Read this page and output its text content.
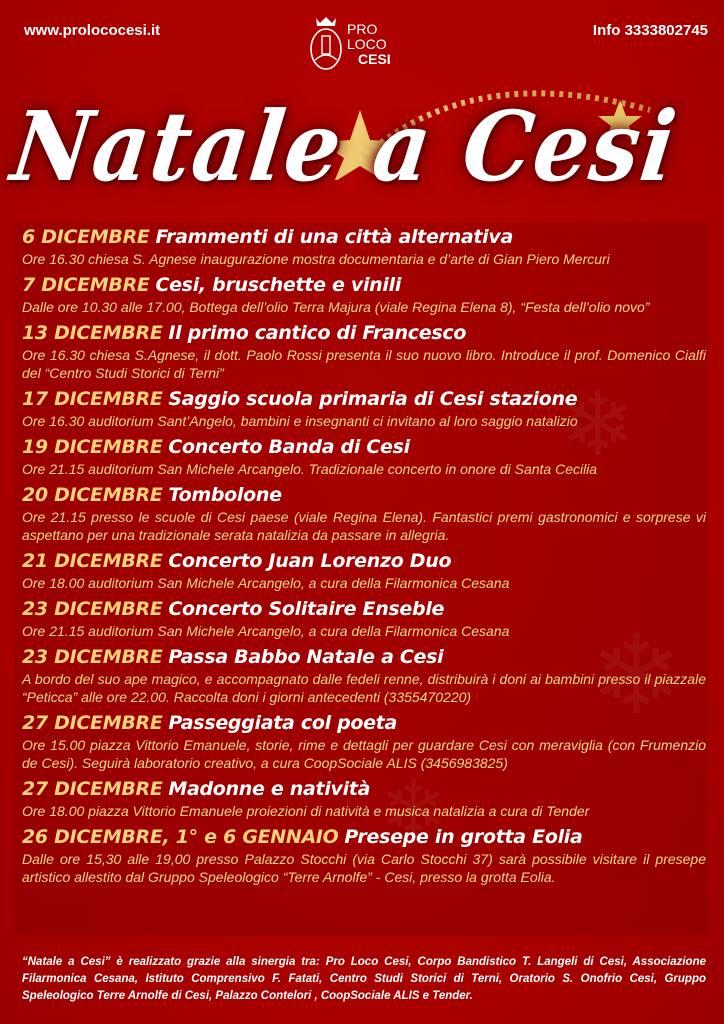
❄
❄
❄
www.prolococesi.it	Info 3333802745
PRO
LOCO
CESI
Natale a Cesi
6 DICEMBRE Frammenti di una città alternativa
Ore 16.30 chiesa S. Agnese inaugurazione mostra documentaria e d’arte di Gian Piero Mercuri
7 DICEMBRE Cesi, bruschette e vinili
Dalle ore 10.30 alle 17.00, Bottega dell’olio Terra Majura (viale Regina Elena 8), “Festa dell’olio novo”
13 DICEMBRE Il primo cantico di Francesco
Ore 16.30 chiesa S.Agnese, il dott. Paolo Rossi presenta il suo nuovo libro. Introduce il prof. Domenico Cialfi del “Centro Studi Storici di Terni”
17 DICEMBRE Saggio scuola primaria di Cesi stazione
Ore 16.30 auditorium Sant’Angelo, bambini e insegnanti ci invitano al loro saggio natalizio
19 DICEMBRE Concerto Banda di Cesi
Ore 21.15 auditorium San Michele Arcangelo. Tradizionale concerto in onore di Santa Cecilia
20 DICEMBRE Tombolone
Ore 21.15 presso le scuole di Cesi paese (viale Regina Elena). Fantastici premi gastronomici e sorprese vi aspettano per una tradizionale serata natalizia da passare in allegria.
21 DICEMBRE Concerto Juan Lorenzo Duo
Ore 18.00 auditorium San Michele Arcangelo, a cura della Filarmonica Cesana
23 DICEMBRE Concerto Solitaire Enseble
Ore 21.15 auditorium San Michele Arcangelo, a cura della Filarmonica Cesana
23 DICEMBRE Passa Babbo Natale a Cesi
A bordo del suo ape magico, e accompagnato dalle fedeli renne, distribuirà i doni ai bambini presso il piazzale “Peticca” alle ore 22.00. Raccolta doni i giorni antecedenti (3355470220)
27 DICEMBRE Passeggiata col poeta
Ore 15.00 piazza Vittorio Emanuele, storie, rime e dettagli per guardare Cesi con meraviglia (con Frumenzio de Cesi). Seguirà laboratorio creativo, a cura CoopSociale ALIS (3456983825)
27 DICEMBRE Madonne e natività
Ore 18.00 piazza Vittorio Emanuele proiezioni di natività e musica natalizia a cura di Tender
26 DICEMBRE, 1° e 6 GENNAIO Presepe in grotta Eolia
Dalle ore 15,30 alle 19,00 presso Palazzo Stocchi (via Carlo Stocchi 37) sarà possibile visitare il presepe artistico allestito dal Gruppo Speleologico “Terre Arnolfe” - Cesi, presso la grotta Eolia.
“Natale a Cesi” è realizzato grazie alla sinergia tra: Pro Loco Cesi, Corpo Bandistico T. Langeli di Cesi, Associazione Filarmonica Cesana, Istituto Comprensivo F. Fatati, Centro Studi Storici di Terni, Oratorio S. Onofrio Cesi, Gruppo Speleologico Terre Arnolfe di Cesi, Palazzo Contelori , CoopSociale ALIS e Tender.
